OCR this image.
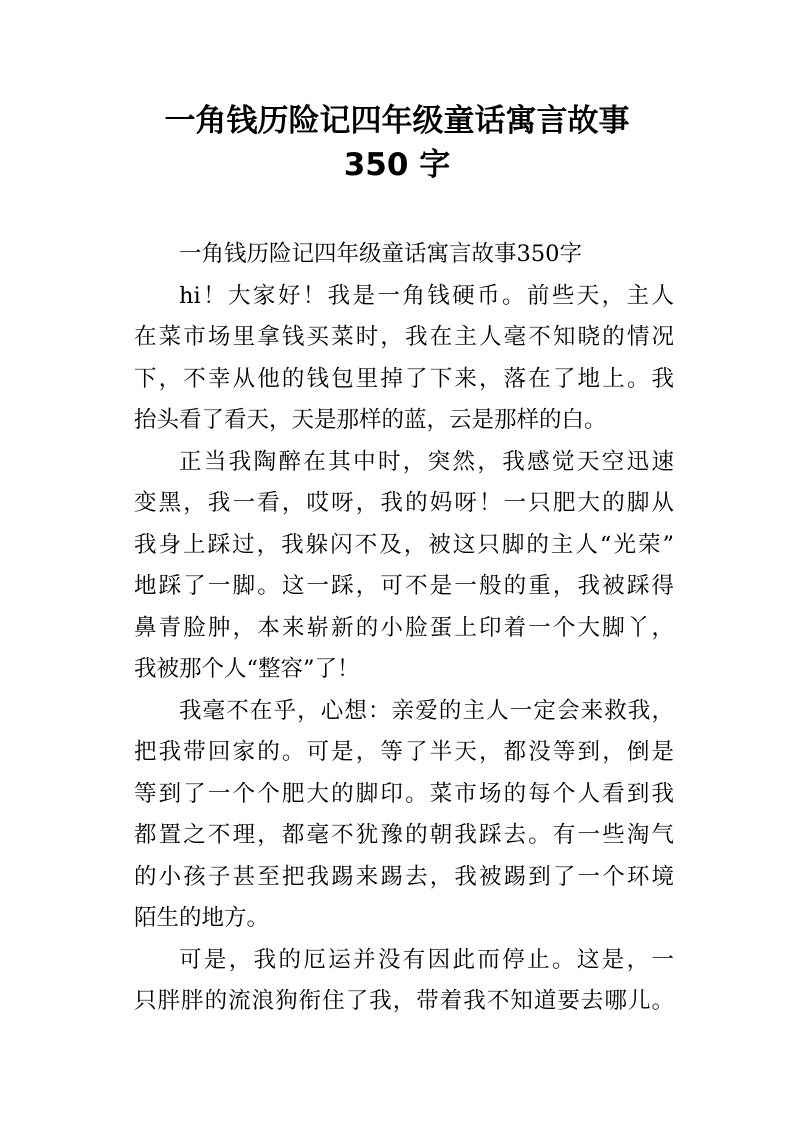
一角钱历险记四年级童话寓言故事
350 字
一角钱历险记四年级童话寓言故事350字
hi！大家好！我是一角钱硬币。前些天，主人
在菜市场里拿钱买菜时，我在主人毫不知晓的情况
下，不幸从他的钱包里掉了下来，落在了地上。我
抬头看了看天，天是那样的蓝，云是那样的白。
正当我陶醉在其中时，突然，我感觉天空迅速
变黑，我一看，哎呀，我的妈呀！一只肥大的脚从
我身上踩过，我躲闪不及，被这只脚的主人“光荣”
地踩了一脚。这一踩，可不是一般的重，我被踩得
鼻青脸肿，本来崭新的小脸蛋上印着一个大脚丫，
我被那个人“整容”了！
我毫不在乎，心想：亲爱的主人一定会来救我，
把我带回家的。可是，等了半天，都没等到，倒是
等到了一个个肥大的脚印。菜市场的每个人看到我
都置之不理，都毫不犹豫的朝我踩去。有一些淘气
的小孩子甚至把我踢来踢去，我被踢到了一个环境
陌生的地方。
可是，我的厄运并没有因此而停止。这是，一
只胖胖的流浪狗衔住了我，带着我不知道要去哪儿。
